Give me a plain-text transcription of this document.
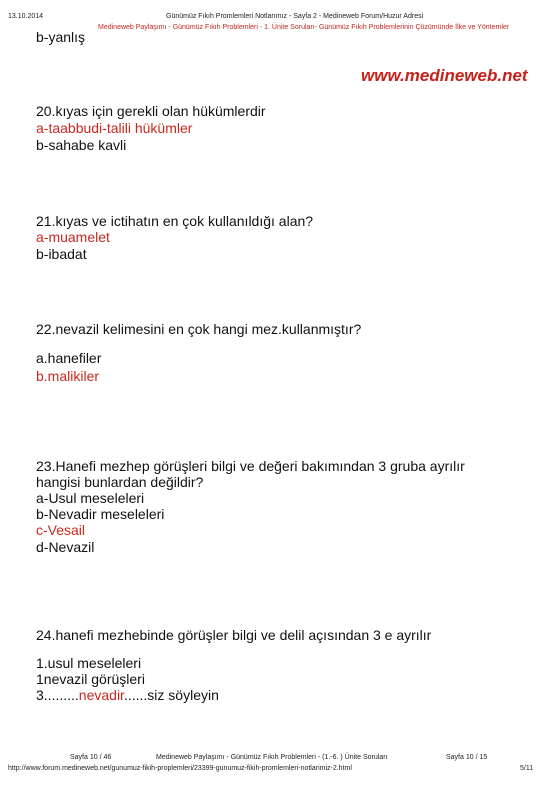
13.10.2014	Günümüz Fıkıh Promlemleri Notlarımız - Sayfa 2 - Medineweb Forum/Huzur Adresi
Medineweb Paylaşımı - Günümüz Fıkıh Problemleri - 1. Ünite Soruları- Günümüz Fıkıh Problemlerinin Çözümünde İlke ve Yöntemler
www.medineweb.net
b-yanlış
20.kıyas için gerekli olan hükümlerdir
a-taabbudi-talili hükümler
b-sahabe kavli
21.kıyas ve ictihatın en çok kullanıldığı alan?
a-muamelet
b-ibadat
22.nevazil kelimesini en çok hangi mez.kullanmıştır?
a.hanefiler
b.malikiler
23.Hanefi mezhep görüşleri bilgi ve değeri bakımından 3 gruba ayrılır
hangisi bunlardan değildir?
a-Usul meseleleri
b-Nevadir meseleleri
c-Vesail
d-Nevazil
24.hanefi mezhebinde görüşler bilgi ve delil açısından 3 e ayrılır
1.usul meseleleri
1nevazil görüşleri
3.........nevadir......siz söyleyin
Sayfa 10 / 46	Medineweb Paylaşımı - Günümüz Fıkıh Problemleri - (1.-6. ) Ünite Soruları	Sayfa 10 / 15
http://www.forum.medineweb.net/gunumuz-fikih-proplemleri/23399-gunumuz-fikih-promlemleri-notlarimiz-2.html	5/11
